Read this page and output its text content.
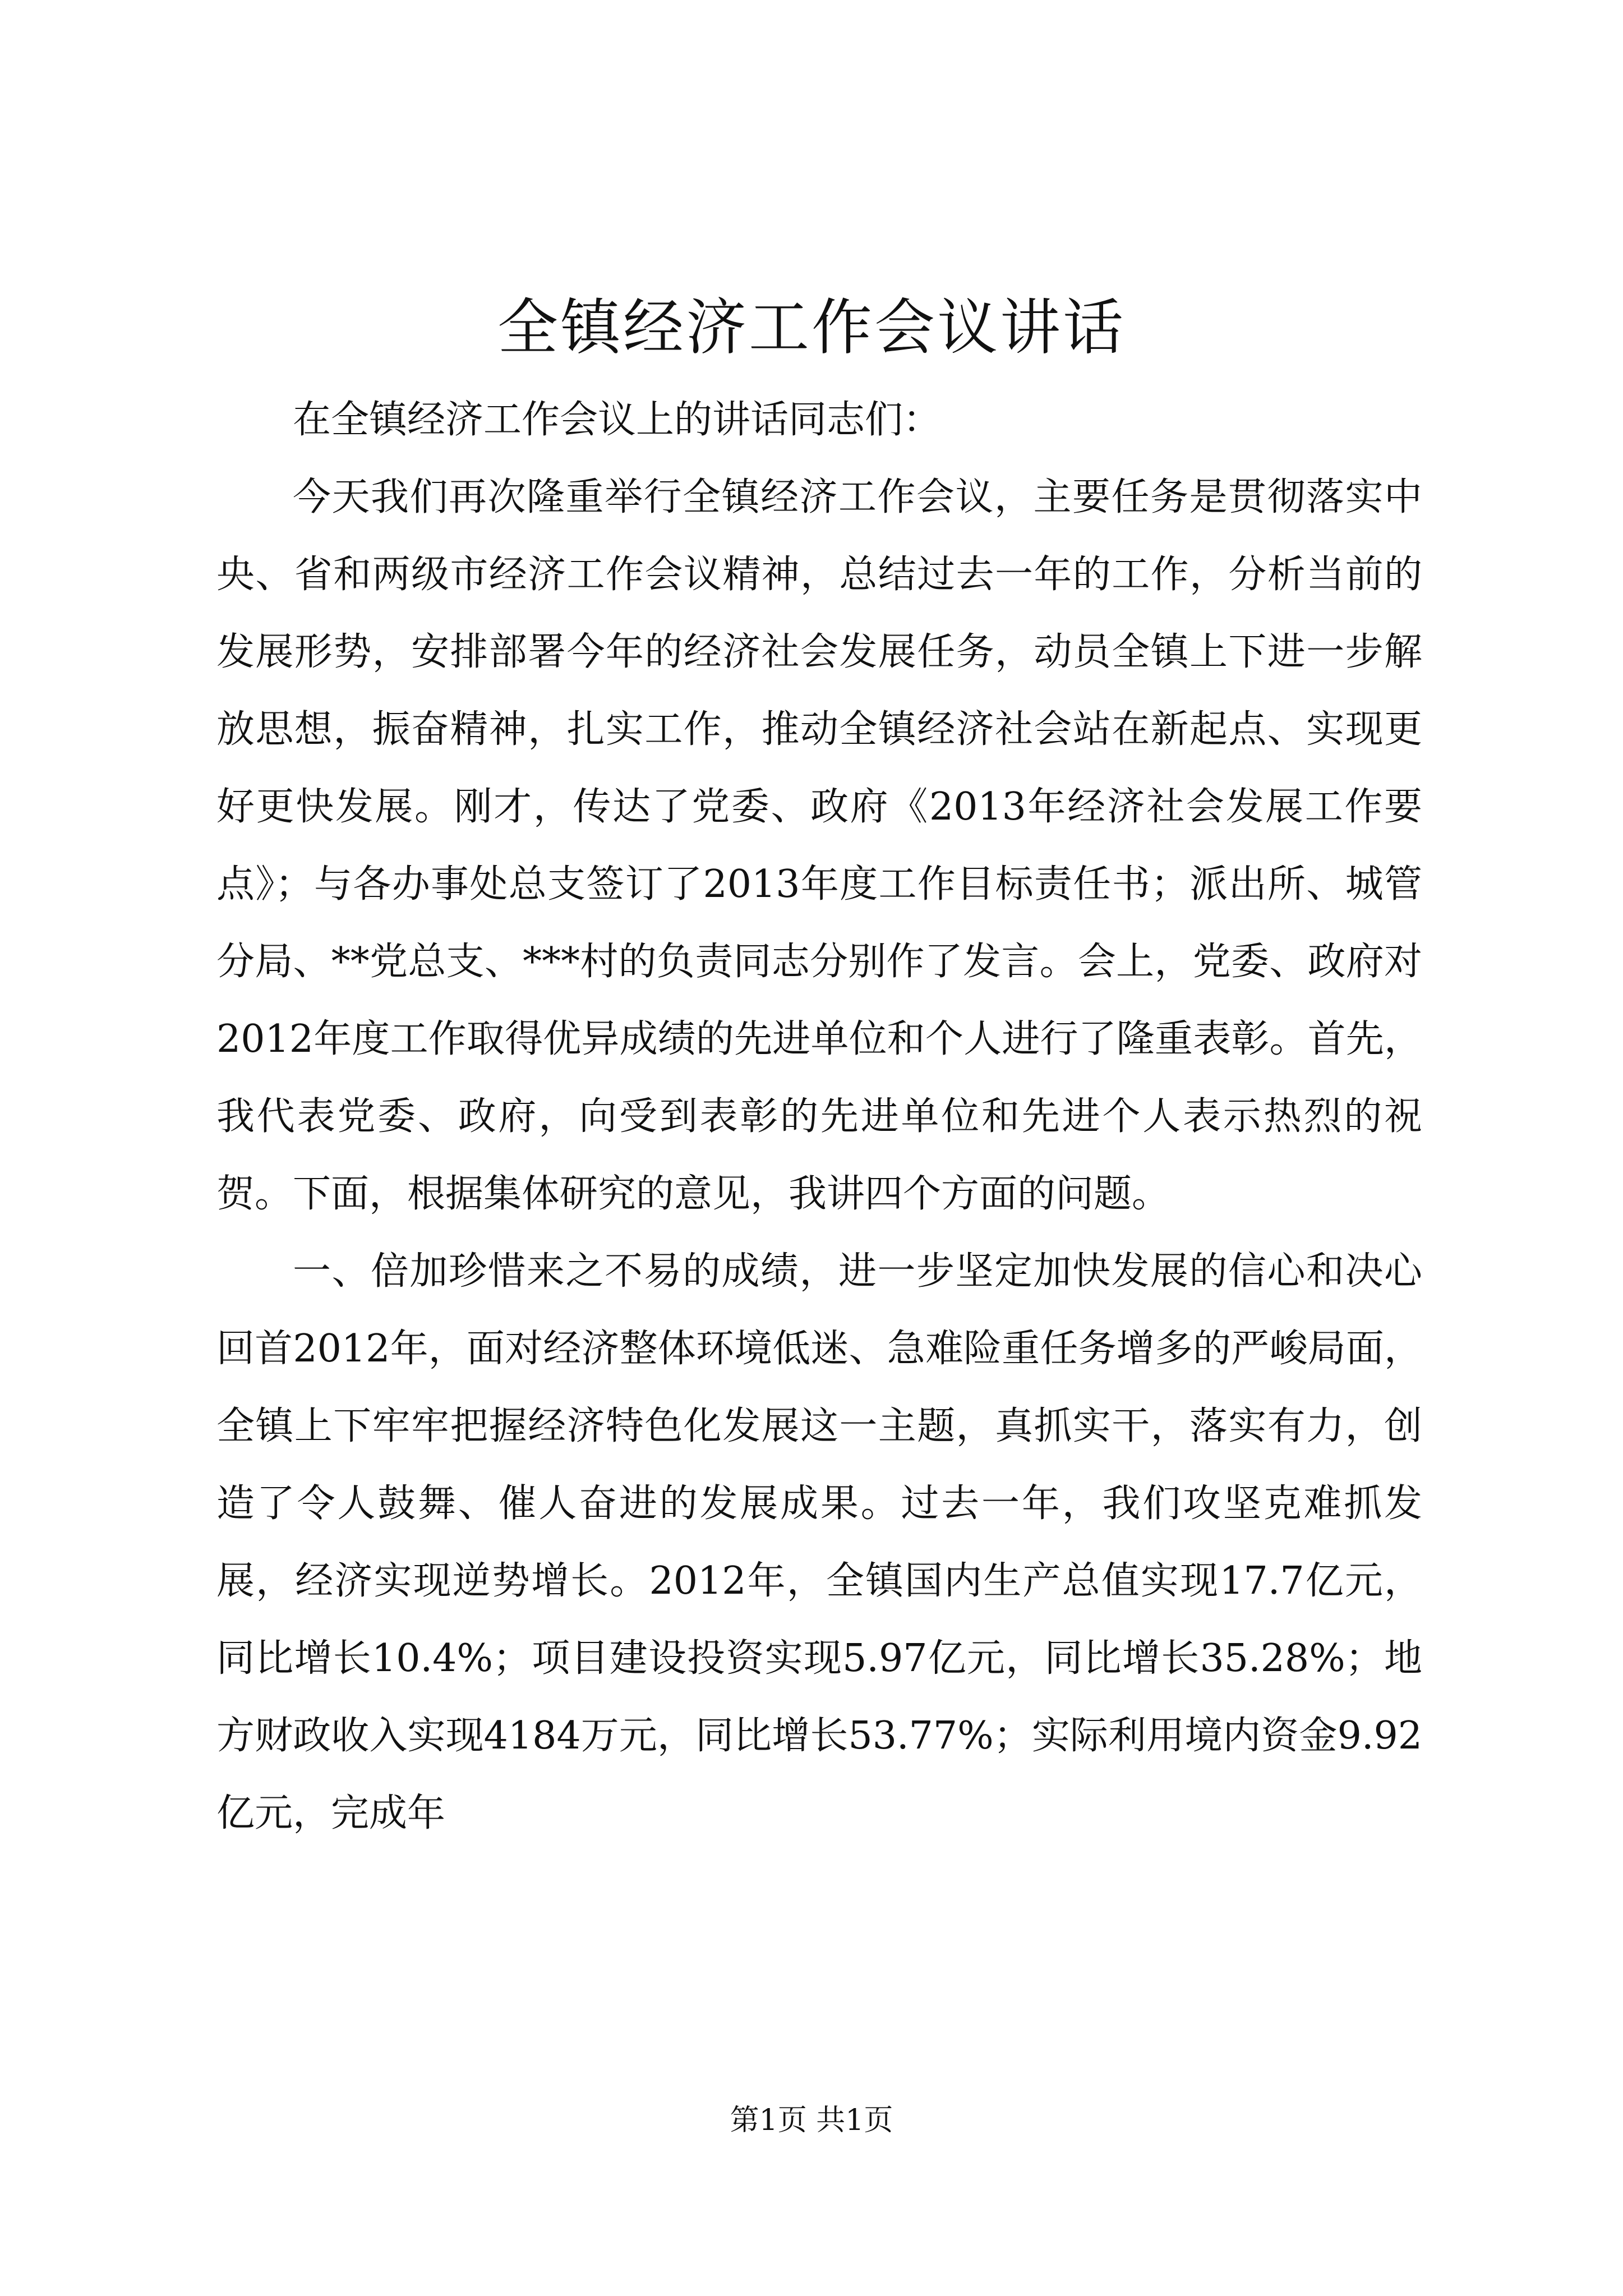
全镇经济工作会议讲话

在全镇经济工作会议上的讲话同志们：

今天我们再次隆重举行全镇经济工作会议，主要任务是贯彻落实中央、省和两级市经济工作会议精神，总结过去一年的工作，分析当前的发展形势，安排部署今年的经济社会发展任务，动员全镇上下进一步解放思想，振奋精神，扎实工作，推动全镇经济社会站在新起点、实现更好更快发展。刚才，传达了党委、政府《2013年经济社会发展工作要点》；与各办事处总支签订了2013年度工作目标责任书；派出所、城管分局、**党总支、***村的负责同志分别作了发言。会上，党委、政府对2012年度工作取得优异成绩的先进单位和个人进行了隆重表彰。首先，我代表党委、政府，向受到表彰的先进单位和先进个人表示热烈的祝贺。下面，根据集体研究的意见，我讲四个方面的问题。

一、倍加珍惜来之不易的成绩，进一步坚定加快发展的信心和决心回首2012年，面对经济整体环境低迷、急难险重任务增多的严峻局面，全镇上下牢牢把握经济特色化发展这一主题，真抓实干，落实有力，创造了令人鼓舞、催人奋进的发展成果。过去一年，我们攻坚克难抓发展，经济实现逆势增长。2012年，全镇国内生产总值实现17.7亿元，同比增长10.4%；项目建设投资实现5.97亿元，同比增长35.28%；地方财政收入实现4184万元，同比增长53.77%；实际利用境内资金9.92亿元，完成年

第1页 共1页
